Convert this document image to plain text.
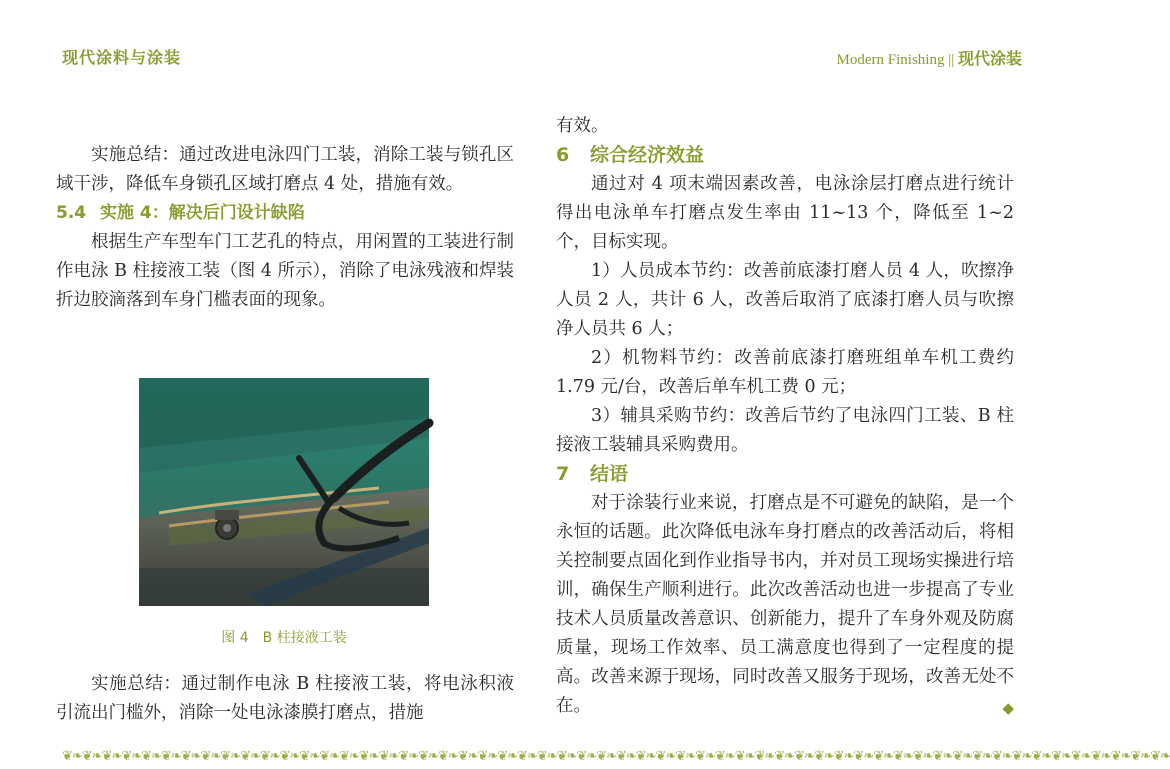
现代涂料与涂装	Modern Finishing || 现代涂装

实施总结：通过改进电泳四门工装，消除工装与锁孔区域干涉，降低车身锁孔区域打磨点 4 处，措施有效。

5.4 实施 4：解决后门设计缺陷

根据生产车型车门工艺孔的特点，用闲置的工装进行制作电泳 B 柱接液工装（图 4 所示），消除了电泳残液和焊装折边胶滴落到车身门槛表面的现象。

图 4　B 柱接液工装

实施总结：通过制作电泳 B 柱接液工装，将电泳积液引流出门槛外，消除一处电泳漆膜打磨点，措施

有效。

6 综合经济效益

通过对 4 项末端因素改善，电泳涂层打磨点进行统计得出电泳单车打磨点发生率由 11~13 个，降低至 1~2 个，目标实现。

1）人员成本节约：改善前底漆打磨人员 4 人，吹擦净人员 2 人，共计 6 人，改善后取消了底漆打磨人员与吹擦净人员共 6 人；

2）机物料节约：改善前底漆打磨班组单车机工费约 1.79 元/台，改善后单车机工费 0 元；

3）辅具采购节约：改善后节约了电泳四门工装、B 柱接液工装辅具采购费用。

7 结语

对于涂装行业来说，打磨点是不可避免的缺陷，是一个永恒的话题。此次降低电泳车身打磨点的改善活动后，将相关控制要点固化到作业指导书内，并对员工现场实操进行培训，确保生产顺利进行。此次改善活动也进一步提高了专业技术人员质量改善意识、创新能力，提升了车身外观及防腐质量，现场工作效率、员工满意度也得到了一定程度的提高。改善来源于现场，同时改善又服务于现场，改善无处不在。	◆

❦❧❦❧❦❧❦❧❦❧❦❧❦❧❦❧❦❧❦❧❦❧❦❧❦❧❦❧❦❧❦❧❦❧❦❧❦❧❦❧❦❧❦❧❦❧❦❧❦❧❦❧❦❧❦❧❦❧❦❧❦❧❦❧❦❧❦❧❦❧❦❧❦❧❦❧❦❧❦❧❦❧❦❧❦❧❦❧❦❧❦❧❦❧❦❧❦❧❦❧❦❧❦❧❦❧❦❧❦❧❦❧
